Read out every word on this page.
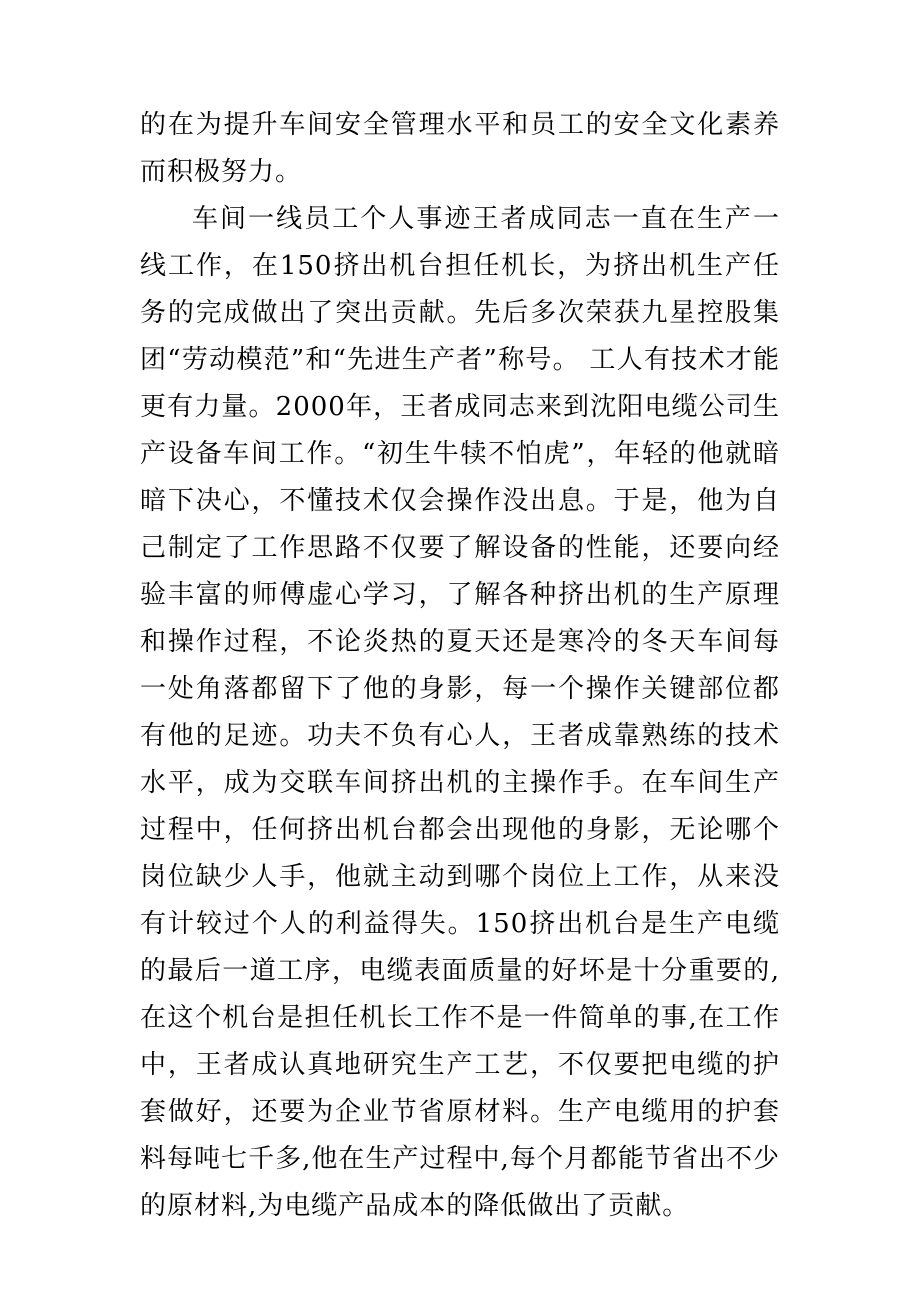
的在为提升车间安全管理水平和员工的安全文化素养而积极努力。

车间一线员工个人事迹王者成同志一直在生产一线工作，在150挤出机台担任机长，为挤出机生产任务的完成做出了突出贡献。先后多次荣获九星控股集团“劳动模范”和“先进生产者”称号。 工人有技术才能更有力量。2000年，王者成同志来到沈阳电缆公司生产设备车间工作。“初生牛犊不怕虎”，年轻的他就暗暗下决心，不懂技术仅会操作没出息。于是，他为自己制定了工作思路不仅要了解设备的性能，还要向经验丰富的师傅虚心学习，了解各种挤出机的生产原理和操作过程，不论炎热的夏天还是寒冷的冬天车间每一处角落都留下了他的身影，每一个操作关键部位都有他的足迹。功夫不负有心人，王者成靠熟练的技术水平，成为交联车间挤出机的主操作手。在车间生产过程中，任何挤出机台都会出现他的身影，无论哪个岗位缺少人手，他就主动到哪个岗位上工作，从来没有计较过个人的利益得失。150挤出机台是生产电缆的最后一道工序，电缆表面质量的好坏是十分重要的,在这个机台是担任机长工作不是一件简单的事,在工作中，王者成认真地研究生产工艺，不仅要把电缆的护套做好，还要为企业节省原材料。生产电缆用的护套料每吨七千多,他在生产过程中,每个月都能节省出不少的原材料,为电缆产品成本的降低做出了贡献。
